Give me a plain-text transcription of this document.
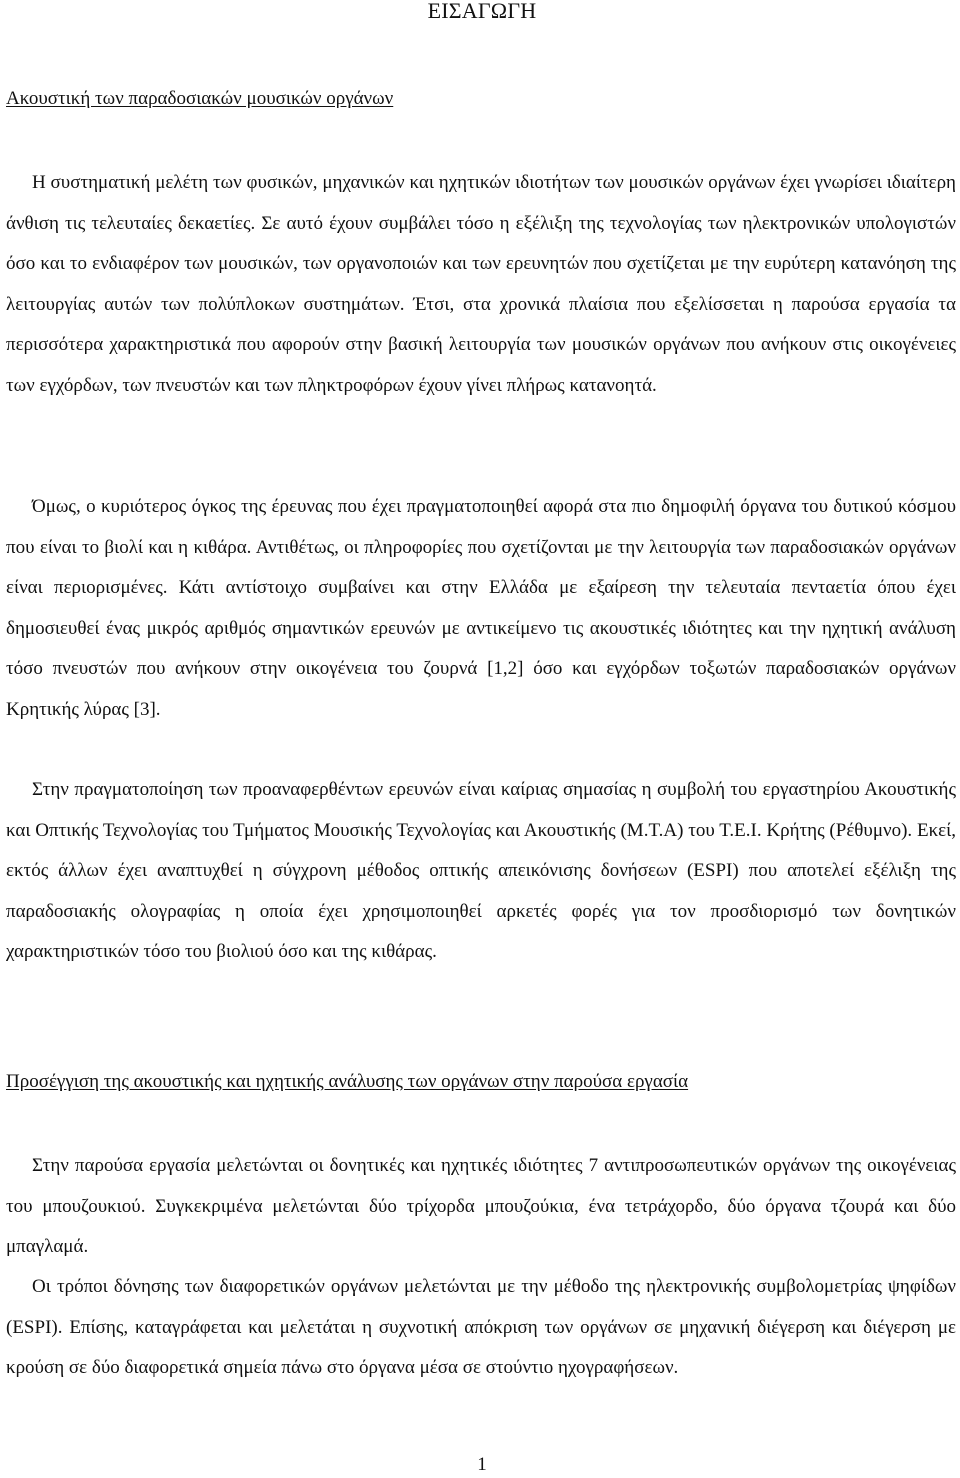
ΕΙΣΑΓΩΓΗ
Ακουστική των παραδοσιακών μουσικών οργάνων

Η συστηματική μελέτη των φυσικών, μηχανικών και ηχητικών ιδιοτήτων των μουσικών οργάνων έχει γνωρίσει ιδιαίτερη άνθιση τις τελευταίες δεκαετίες. Σε αυτό έχουν συμβάλει τόσο η εξέλιξη της τεχνολογίας των ηλεκτρονικών υπολογιστών όσο και το ενδιαφέρον των μουσικών, των οργανοποιών και των ερευνητών που σχετίζεται με την ευρύτερη κατανόηση της λειτουργίας αυτών των πολύπλοκων συστημάτων. Έτσι, στα χρονικά πλαίσια που εξελίσσεται η παρούσα εργασία τα περισσότερα χαρακτηριστικά που αφορούν στην βασική λειτουργία των μουσικών οργάνων που ανήκουν στις οικογένειες των εγχόρδων, των πνευστών και των πληκτροφόρων έχουν γίνει πλήρως κατανοητά.

Όμως, ο κυριότερος όγκος της έρευνας που έχει πραγματοποιηθεί αφορά στα πιο δημοφιλή όργανα του δυτικού κόσμου που είναι το βιολί και η κιθάρα. Αντιθέτως, οι πληροφορίες που σχετίζονται με την λειτουργία των παραδοσιακών οργάνων είναι περιορισμένες. Κάτι αντίστοιχο συμβαίνει και στην Ελλάδα με εξαίρεση την τελευταία πενταετία όπου έχει δημοσιευθεί ένας μικρός αριθμός σημαντικών ερευνών με αντικείμενο τις ακουστικές ιδιότητες και την ηχητική ανάλυση τόσο πνευστών που ανήκουν στην οικογένεια του ζουρνά [1,2] όσο και εγχόρδων τοξωτών παραδοσιακών οργάνων Κρητικής λύρας [3].

Στην πραγματοποίηση των προαναφερθέντων ερευνών είναι καίριας σημασίας η συμβολή του εργαστηρίου Ακουστικής και Οπτικής Τεχνολογίας του Τμήματος Μουσικής Τεχνολογίας και Ακουστικής (Μ.Τ.Α) του Τ.Ε.Ι. Κρήτης (Ρέθυμνο). Εκεί, εκτός άλλων έχει αναπτυχθεί η σύγχρονη μέθοδος οπτικής απεικόνισης δονήσεων (ESPI) που αποτελεί εξέλιξη της παραδοσιακής ολογραφίας η οποία έχει χρησιμοποιηθεί αρκετές φορές για τον προσδιορισμό των δονητικών χαρακτηριστικών τόσο του βιολιού όσο και της κιθάρας.

Προσέγγιση της ακουστικής και ηχητικής ανάλυσης των οργάνων στην παρούσα εργασία

Στην παρούσα εργασία μελετώνται οι δονητικές και ηχητικές ιδιότητες 7 αντιπροσωπευτικών οργάνων της οικογένειας του μπουζουκιού. Συγκεκριμένα μελετώνται δύο τρίχορδα μπουζούκια, ένα τετράχορδο, δύο όργανα τζουρά και δύο μπαγλαμά.

Οι τρόποι δόνησης των διαφορετικών οργάνων μελετώνται με την μέθοδο της ηλεκτρονικής συμβολομετρίας ψηφίδων (ESPI). Επίσης, καταγράφεται και μελετάται η συχνοτική απόκριση των οργάνων σε μηχανική διέγερση και διέγερση με κρούση σε δύο διαφορετικά σημεία πάνω στο όργανα μέσα σε στούντιο ηχογραφήσεων.

1
